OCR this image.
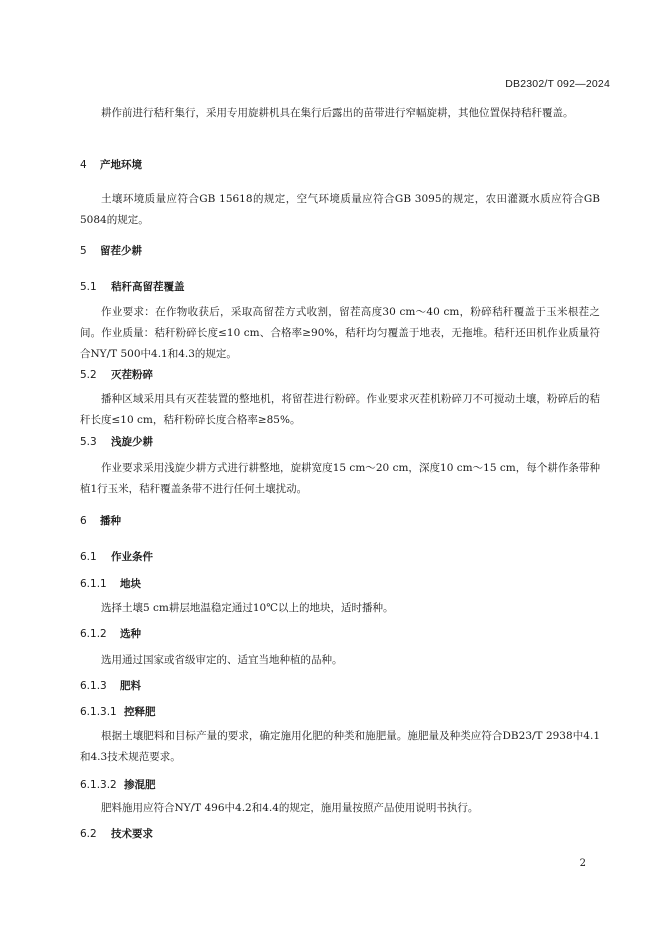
DB2302/T 092—2024

耕作前进行秸秆集行，采用专用旋耕机具在集行后露出的苗带进行窄幅旋耕，其他位置保持秸秆覆盖。

4 产地环境

土壤环境质量应符合GB 15618的规定，空气环境质量应符合GB 3095的规定，农田灌溉水质应符合GB 5084的规定。

5 留茬少耕
5.1 秸秆高留茬覆盖

作业要求：在作物收获后，采取高留茬方式收割，留茬高度30 cm～40 cm，粉碎秸秆覆盖于玉米根茬之间。作业质量：秸秆粉碎长度≤10 cm、合格率≥90%，秸秆均匀覆盖于地表，无拖堆。秸秆还田机作业质量符合NY/T 500中4.1和4.3的规定。

5.2 灭茬粉碎

播种区域采用具有灭茬装置的整地机，将留茬进行粉碎。作业要求灭茬机粉碎刀不可搅动土壤，粉碎后的秸秆长度≤10 cm，秸秆粉碎长度合格率≥85%。

5.3 浅旋少耕

作业要求采用浅旋少耕方式进行耕整地，旋耕宽度15 cm～20 cm，深度10 cm～15 cm，每个耕作条带种植1行玉米，秸秆覆盖条带不进行任何土壤扰动。

6 播种
6.1 作业条件
6.1.1 地块

选择土壤5 cm耕层地温稳定通过10℃以上的地块，适时播种。

6.1.2 选种

选用通过国家或省级审定的、适宜当地种植的品种。

6.1.3 肥料
6.1.3.1 控释肥

根据土壤肥料和目标产量的要求，确定施用化肥的种类和施肥量。施肥量及种类应符合DB23/T 2938中4.1和4.3技术规范要求。

6.1.3.2 掺混肥

肥料施用应符合NY/T 496中4.2和4.4的规定，施用量按照产品使用说明书执行。

6.2 技术要求
2
